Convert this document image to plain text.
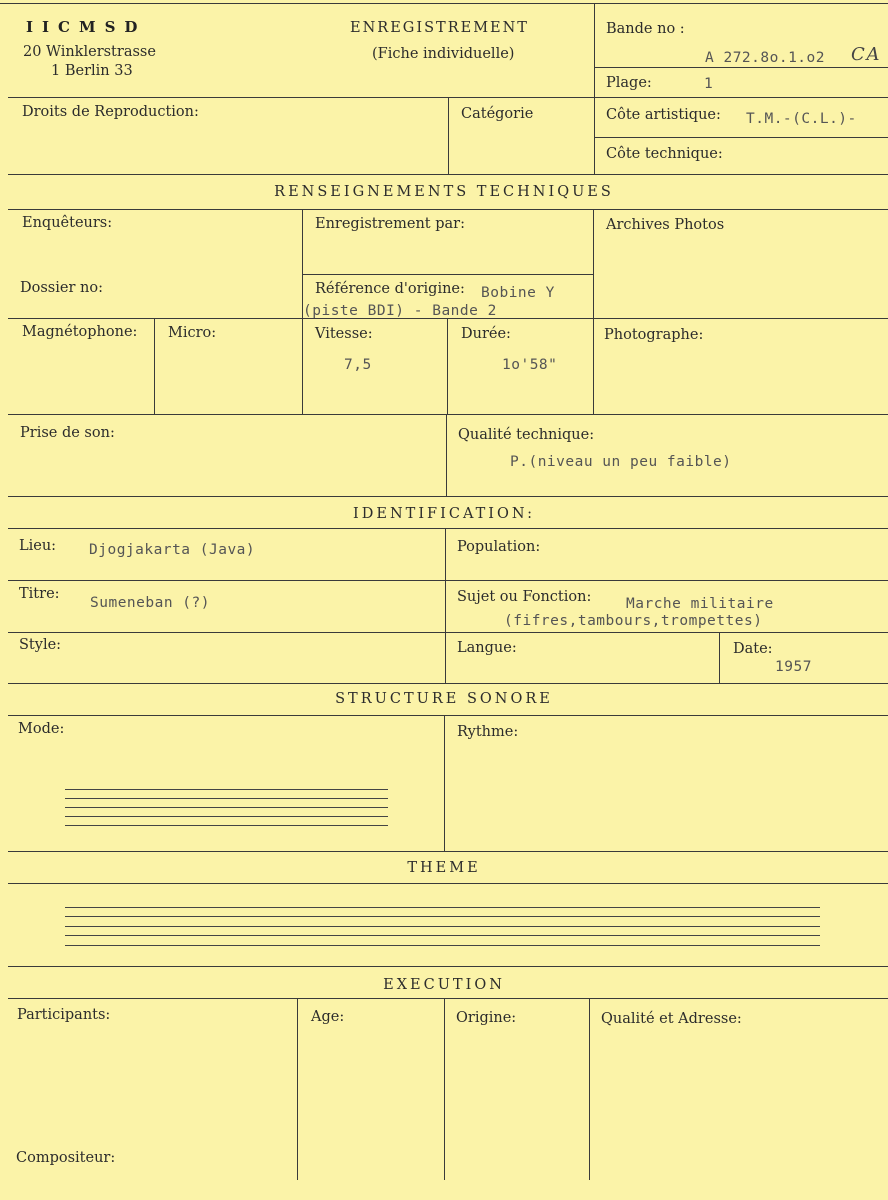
IICMSD
20 Winklerstrasse
1 Berlin 33
ENREGISTREMENT
(Fiche individuelle)
Bande no :
A 272.8o.1.o2 C A
Plage:	1
Droits de Reproduction:	Catégorie	Côte artistique: T.M.-(C.L.)-
Côte technique:
RENSEIGNEMENTS TECHNIQUES
Enquêteurs:	Enregistrement par:	Archives Photos
Dossier no:	Référence d'origine: Bobine Y
(piste BDI) - Bande 2
Magnétophone: Micro:	Vitesse:
7,5
Durée:
1o'58"
Photographe:
Prise de son:	Qualité technique:
P.(niveau un peu faible)
IDENTIFICATION:
Lieu: Djogjakarta (Java)	Population:
Titre:
Sumeneban (?)	Sujet ou Fonction: Marche militaire
(fifres,tambours,trompettes)
Style:	Langue:	Date:
1957
STRUCTURE SONORE
Mode:	Rythme:
THEME
EXECUTION
Participants:	Age:	Origine:	Qualité et Adresse:
Compositeur:
